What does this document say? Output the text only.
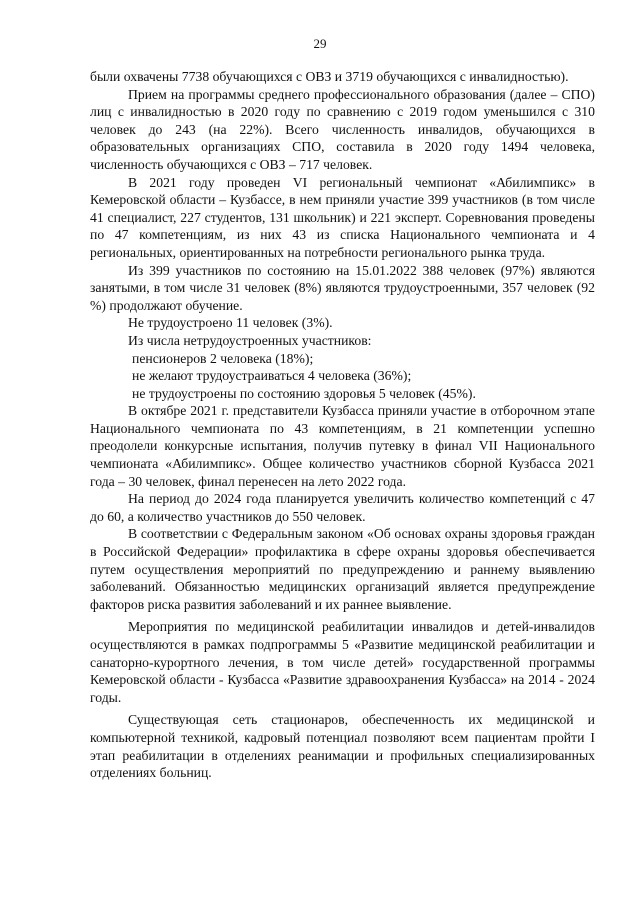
29

были охвачены 7738 обучающихся с ОВЗ и 3719 обучающихся с инвалидностью).

Прием на программы среднего профессионального образования (далее – СПО) лиц с инвалидностью в 2020 году по сравнению с 2019 годом уменьшился с 310 человек до 243 (на 22%). Всего численность инвалидов, обучающихся в образовательных организациях СПО, составила в 2020 году 1494 человека, численность обучающихся с ОВЗ – 717 человек.

В 2021 году проведен VI региональный чемпионат «Абилимпикс» в Кемеровской области – Кузбассе, в нем приняли участие 399 участников (в том числе 41 специалист, 227 студентов, 131 школьник) и 221 эксперт. Соревнования проведены по 47 компетенциям, из них 43 из списка Национального чемпионата и 4 региональных, ориентированных на потребности регионального рынка труда.

Из 399 участников по состоянию на 15.01.2022 388 человек (97%) являются занятыми, в том числе 31 человек (8%) являются трудоустроенными, 357 человек (92 %) продолжают обучение.

Не трудоустроено 11 человек (3%).

Из числа нетрудоустроенных участников:

пенсионеров 2 человека (18%);

не желают трудоустраиваться 4 человека (36%);

не трудоустроены по состоянию здоровья 5 человек (45%).

В октябре 2021 г. представители Кузбасса приняли участие в отборочном этапе Национального чемпионата по 43 компетенциям, в 21 компетенции успешно преодолели конкурсные испытания, получив путевку в финал VII Национального чемпионата «Абилимпикс». Общее количество участников сборной Кузбасса 2021 года – 30 человек, финал перенесен на лето 2022 года.

На период до 2024 года планируется увеличить количество компетенций с 47 до 60, а количество участников до 550 человек.

В соответствии с Федеральным законом «Об основах охраны здоровья граждан в Российской Федерации» профилактика в сфере охраны здоровья обеспечивается путем осуществления мероприятий по предупреждению и раннему выявлению заболеваний. Обязанностью медицинских организаций является предупреждение факторов риска развития заболеваний и их раннее выявление.

Мероприятия по медицинской реабилитации инвалидов и детей-инвалидов осуществляются в рамках подпрограммы 5 «Развитие медицинской реабилитации и санаторно-курортного лечения, в том числе детей» государственной программы Кемеровской области - Кузбасса «Развитие здравоохранения Кузбасса» на 2014 - 2024 годы.

Существующая сеть стационаров, обеспеченность их медицинской и компьютерной техникой, кадровый потенциал позволяют всем пациентам пройти I этап реабилитации в отделениях реанимации и профильных специализированных отделениях больниц.
